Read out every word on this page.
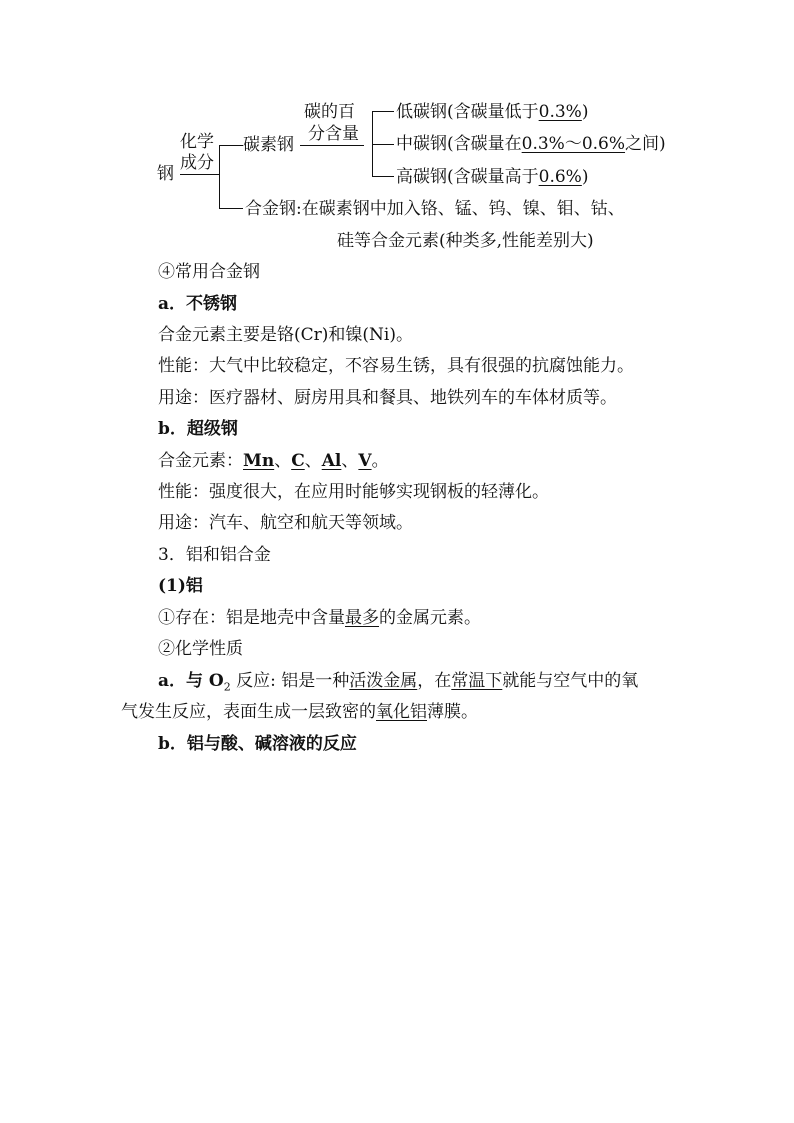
钢
化学
成分
碳素钢
碳的百
分含量
低碳钢(含碳量低于0.3%)
中碳钢(含碳量在0.3%～0.6%之间)
高碳钢(含碳量高于0.6%)
合金钢:在碳素钢中加入铬、锰、钨、镍、钼、钴、
硅等合金元素(种类多,性能差别大)
④常用合金钢
a．不锈钢
合金元素主要是铬(Cr)和镍(Ni)。
性能：大气中比较稳定，不容易生锈，具有很强的抗腐蚀能力。
用途：医疗器材、厨房用具和餐具、地铁列车的车体材质等。
b．超级钢
合金元素：Mn、C、Al、V。
性能：强度很大，在应用时能够实现钢板的轻薄化。
用途：汽车、航空和航天等领域。
3．铝和铝合金
(1)铝
①存在：铝是地壳中含量最多的金属元素。
②化学性质
a．与 $O_2$ 反应: 铝是一种活泼金属，在常温下就能与空气中的氧
气发生反应，表面生成一层致密的氧化铝薄膜。
b．铝与酸、碱溶液的反应
